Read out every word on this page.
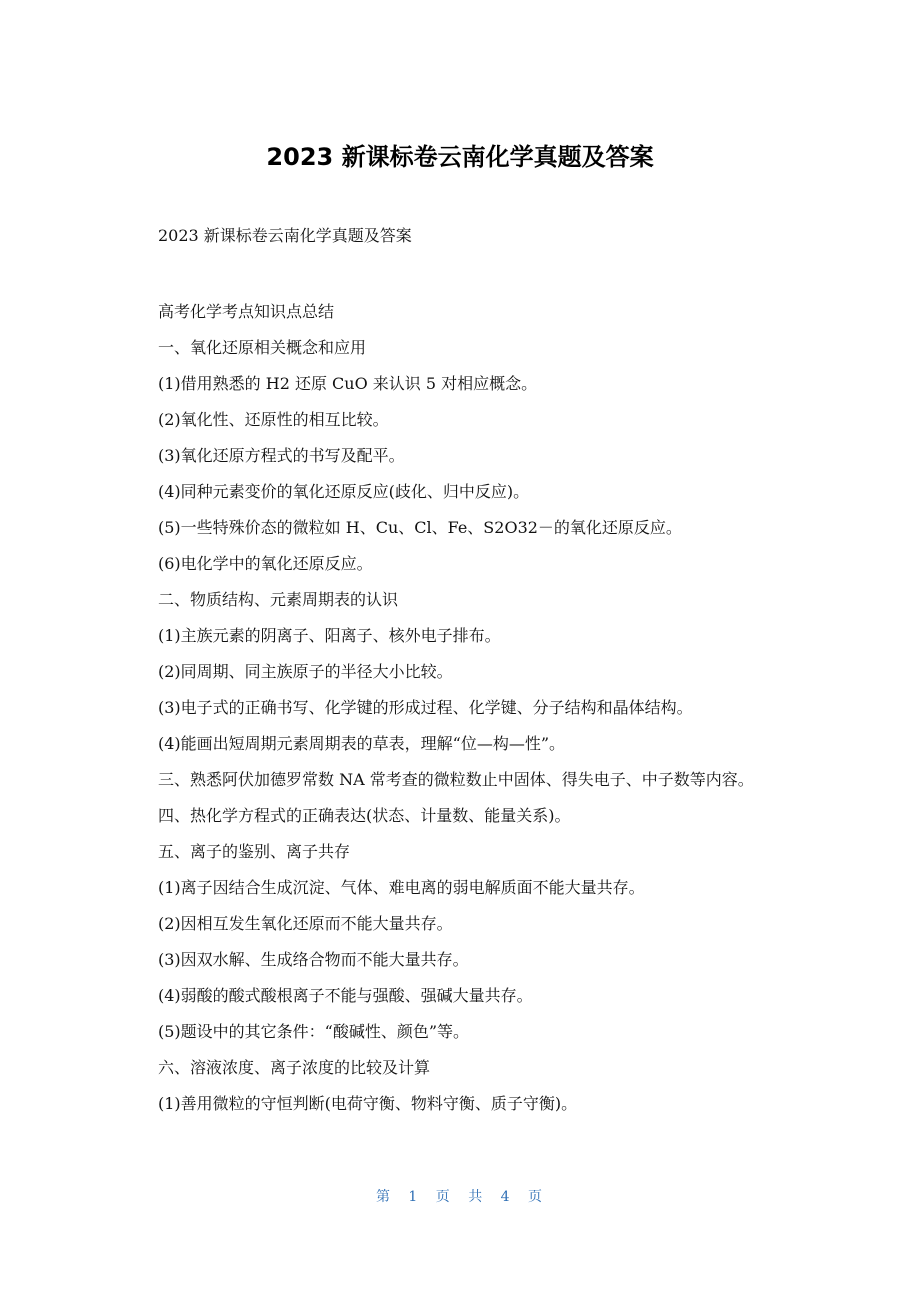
2023 新课标卷云南化学真题及答案
2023 新课标卷云南化学真题及答案

高考化学考点知识点总结

一、氧化还原相关概念和应用

(1)借用熟悉的 H2 还原 CuO 来认识 5 对相应概念。

(2)氧化性、还原性的相互比较。

(3)氧化还原方程式的书写及配平。

(4)同种元素变价的氧化还原反应(歧化、归中反应)。

(5)一些特殊价态的微粒如 H、Cu、Cl、Fe、S2O32－的氧化还原反应。

(6)电化学中的氧化还原反应。

二、物质结构、元素周期表的认识

(1)主族元素的阴离子、阳离子、核外电子排布。

(2)同周期、同主族原子的半径大小比较。

(3)电子式的正确书写、化学键的形成过程、化学键、分子结构和晶体结构。

(4)能画出短周期元素周期表的草表，理解“位—构—性”。

三、熟悉阿伏加德罗常数 NA 常考查的微粒数止中固体、得失电子、中子数等内容。

四、热化学方程式的正确表达(状态、计量数、能量关系)。

五、离子的鉴别、离子共存

(1)离子因结合生成沉淀、气体、难电离的弱电解质面不能大量共存。

(2)因相互发生氧化还原而不能大量共存。

(3)因双水解、生成络合物而不能大量共存。

(4)弱酸的酸式酸根离子不能与强酸、强碱大量共存。

(5)题设中的其它条件：“酸碱性、颜色”等。

六、溶液浓度、离子浓度的比较及计算

(1)善用微粒的守恒判断(电荷守衡、物料守衡、质子守衡)。

第 1 页 共 4 页
